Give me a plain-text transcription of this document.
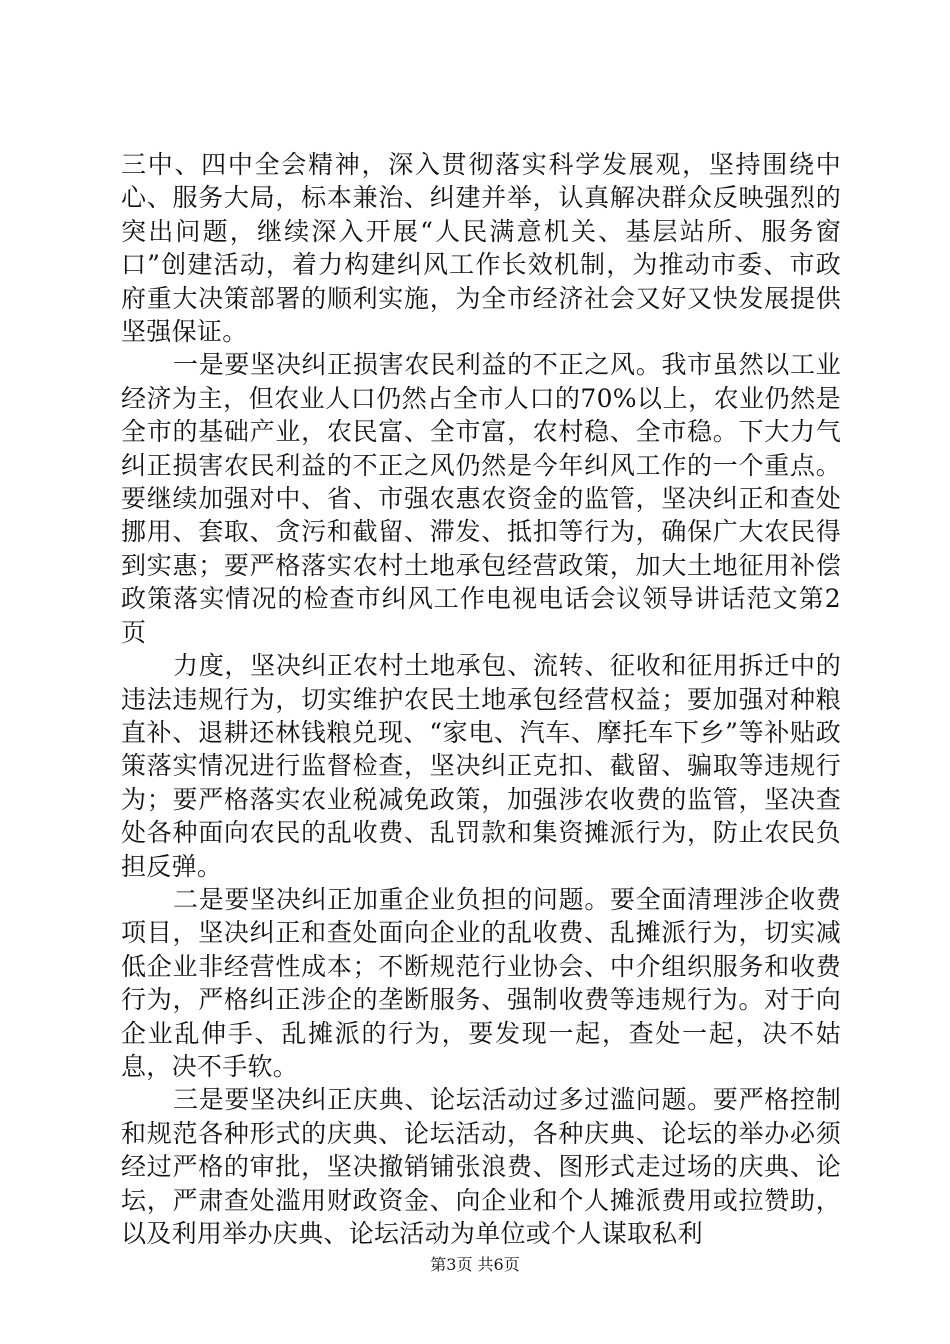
三中、四中全会精神，深入贯彻落实科学发展观，坚持围绕中心、服务大局，标本兼治、纠建并举，认真解决群众反映强烈的突出问题，继续深入开展“人民满意机关、基层站所、服务窗口”创建活动，着力构建纠风工作长效机制，为推动市委、市政府重大决策部署的顺利实施，为全市经济社会又好又快发展提供坚强保证。

一是要坚决纠正损害农民利益的不正之风。我市虽然以工业经济为主，但农业人口仍然占全市人口的70%以上，农业仍然是全市的基础产业，农民富、全市富，农村稳、全市稳。下大力气纠正损害农民利益的不正之风仍然是今年纠风工作的一个重点。要继续加强对中、省、市强农惠农资金的监管，坚决纠正和查处挪用、套取、贪污和截留、滞发、抵扣等行为，确保广大农民得到实惠；要严格落实农村土地承包经营政策，加大土地征用补偿政策落实情况的检查市纠风工作电视电话会议领导讲话范文第2页

力度，坚决纠正农村土地承包、流转、征收和征用拆迁中的违法违规行为，切实维护农民土地承包经营权益；要加强对种粮直补、退耕还林钱粮兑现、“家电、汽车、摩托车下乡”等补贴政策落实情况进行监督检查，坚决纠正克扣、截留、骗取等违规行为；要严格落实农业税减免政策，加强涉农收费的监管，坚决查处各种面向农民的乱收费、乱罚款和集资摊派行为，防止农民负担反弹。

二是要坚决纠正加重企业负担的问题。要全面清理涉企收费项目，坚决纠正和查处面向企业的乱收费、乱摊派行为，切实减低企业非经营性成本；不断规范行业协会、中介组织服务和收费行为，严格纠正涉企的垄断服务、强制收费等违规行为。对于向企业乱伸手、乱摊派的行为，要发现一起，查处一起，决不姑息，决不手软。

三是要坚决纠正庆典、论坛活动过多过滥问题。要严格控制和规范各种形式的庆典、论坛活动，各种庆典、论坛的举办必须经过严格的审批，坚决撤销铺张浪费、图形式走过场的庆典、论坛，严肃查处滥用财政资金、向企业和个人摊派费用或拉赞助，以及利用举办庆典、论坛活动为单位或个人谋取私利

第3页 共6页
